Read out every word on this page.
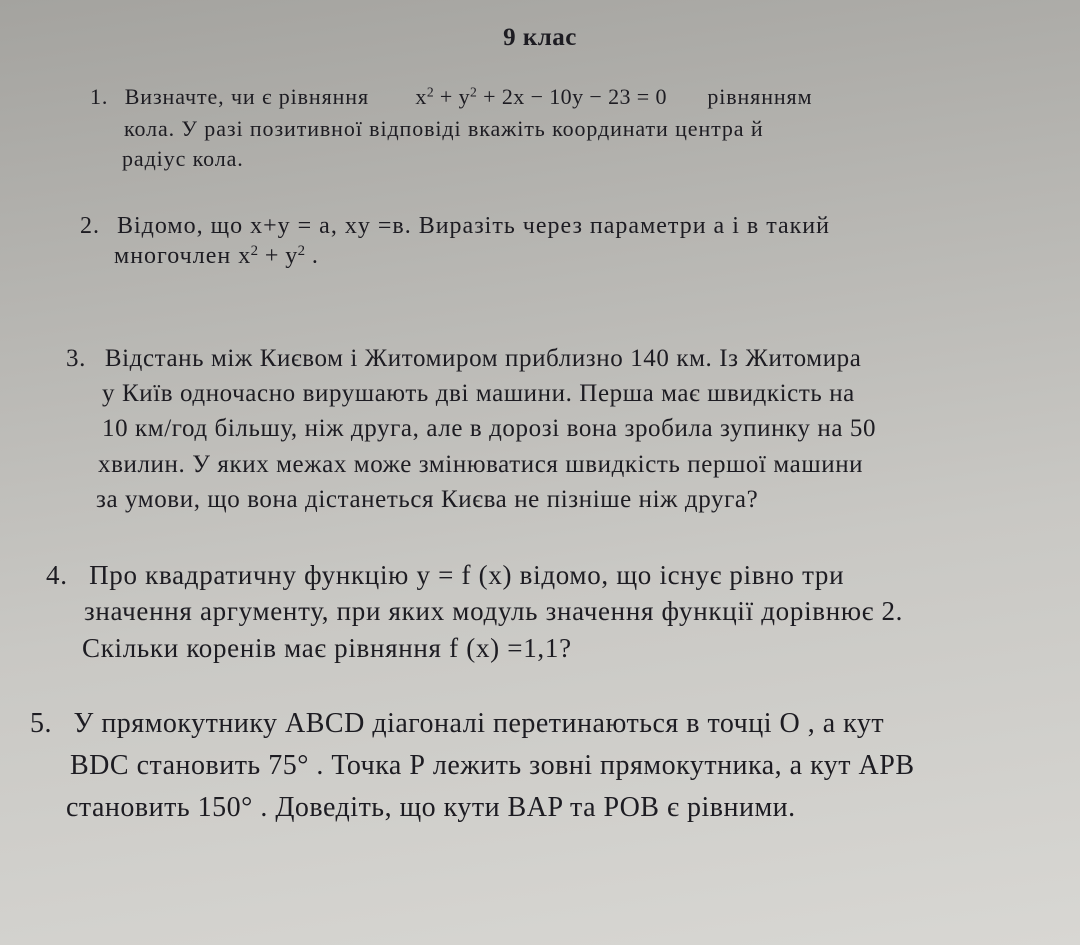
9 клас
1. Визначте, чи є рівняння $x^2 + y^2 + 2x - 10y - 23 = 0$ рівнянням
кола. У разі позитивної відповіді вкажіть координати центра й
радіус кола.
2. Відомо, що x+y = a, xy =в. Виразіть через параметри a і в такий
многочлен $x^2 + y^2$ .
3. Відстань між Києвом і Житомиром приблизно 140 км. Із Житомира
у Київ одночасно вирушають дві машини. Перша має швидкість на
10 км/год більшу, ніж друга, але в дорозі вона зробила зупинку на 50
хвилин. У яких межах може змінюватися швидкість першої машини
за умови, що вона дістанеться Києва не пізніше ніж друга?
4. Про квадратичну функцію y = f (x) відомо, що існує рівно три
значення аргументу, при яких модуль значення функції дорівнює 2.
Скільки коренів має рівняння f (x) =1,1?
5. У прямокутнику ABCD діагоналі перетинаються в точці О , а кут
BDC становить 75° . Точка Р лежить зовні прямокутника, а кут APB
становить 150° . Доведіть, що кути BAP та POB є рівними.
